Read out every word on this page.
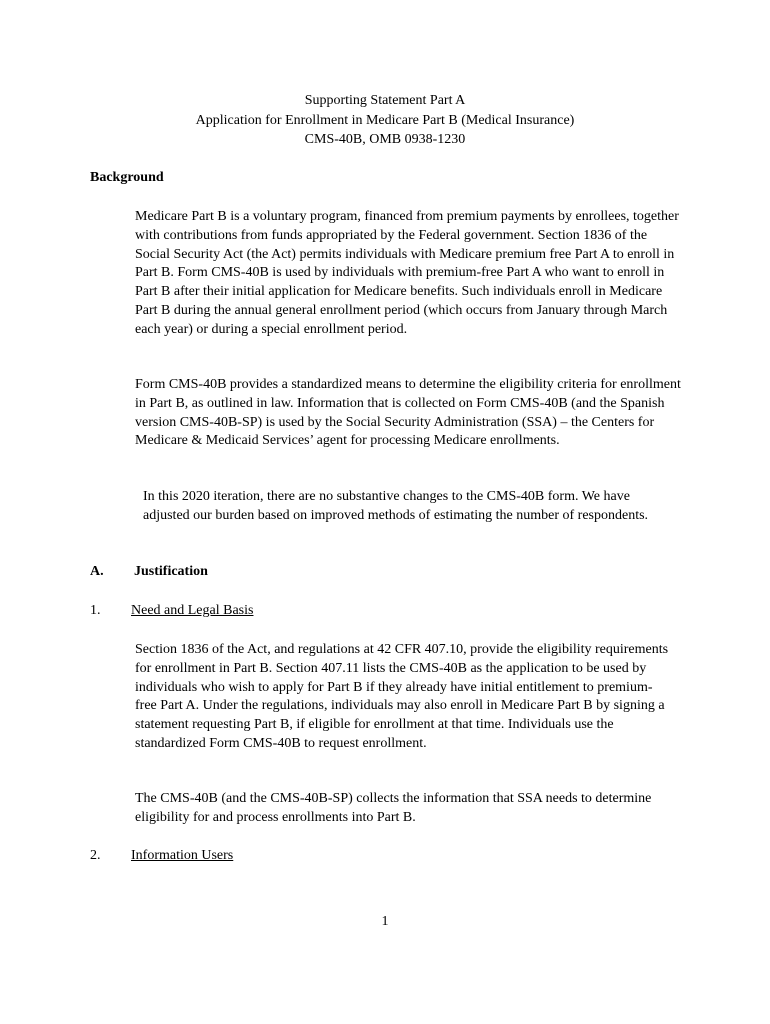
Supporting Statement Part A
Application for Enrollment in Medicare Part B (Medical Insurance)
CMS-40B, OMB 0938-1230
Background
Medicare Part B is a voluntary program, financed from premium payments by enrollees, together with contributions from funds appropriated by the Federal government. Section 1836 of the Social Security Act (the Act) permits individuals with Medicare premium free Part A to enroll in Part B. Form CMS-40B is used by individuals with premium-free Part A who want to enroll in Part B after their initial application for Medicare benefits. Such individuals enroll in Medicare Part B during the annual general enrollment period (which occurs from January through March each year) or during a special enrollment period.
Form CMS-40B provides a standardized means to determine the eligibility criteria for enrollment in Part B, as outlined in law. Information that is collected on Form CMS-40B (and the Spanish version CMS-40B-SP) is used by the Social Security Administration (SSA) – the Centers for Medicare & Medicaid Services’ agent for processing Medicare enrollments.
In this 2020 iteration, there are no substantive changes to the CMS-40B form. We have adjusted our burden based on improved methods of estimating the number of respondents.
A. Justification
1. Need and Legal Basis
Section 1836 of the Act, and regulations at 42 CFR 407.10, provide the eligibility requirements for enrollment in Part B. Section 407.11 lists the CMS-40B as the application to be used by individuals who wish to apply for Part B if they already have initial entitlement to premium-free Part A. Under the regulations, individuals may also enroll in Medicare Part B by signing a statement requesting Part B, if eligible for enrollment at that time. Individuals use the standardized Form CMS-40B to request enrollment.
The CMS-40B (and the CMS-40B-SP) collects the information that SSA needs to determine eligibility for and process enrollments into Part B.
2. Information Users
1
